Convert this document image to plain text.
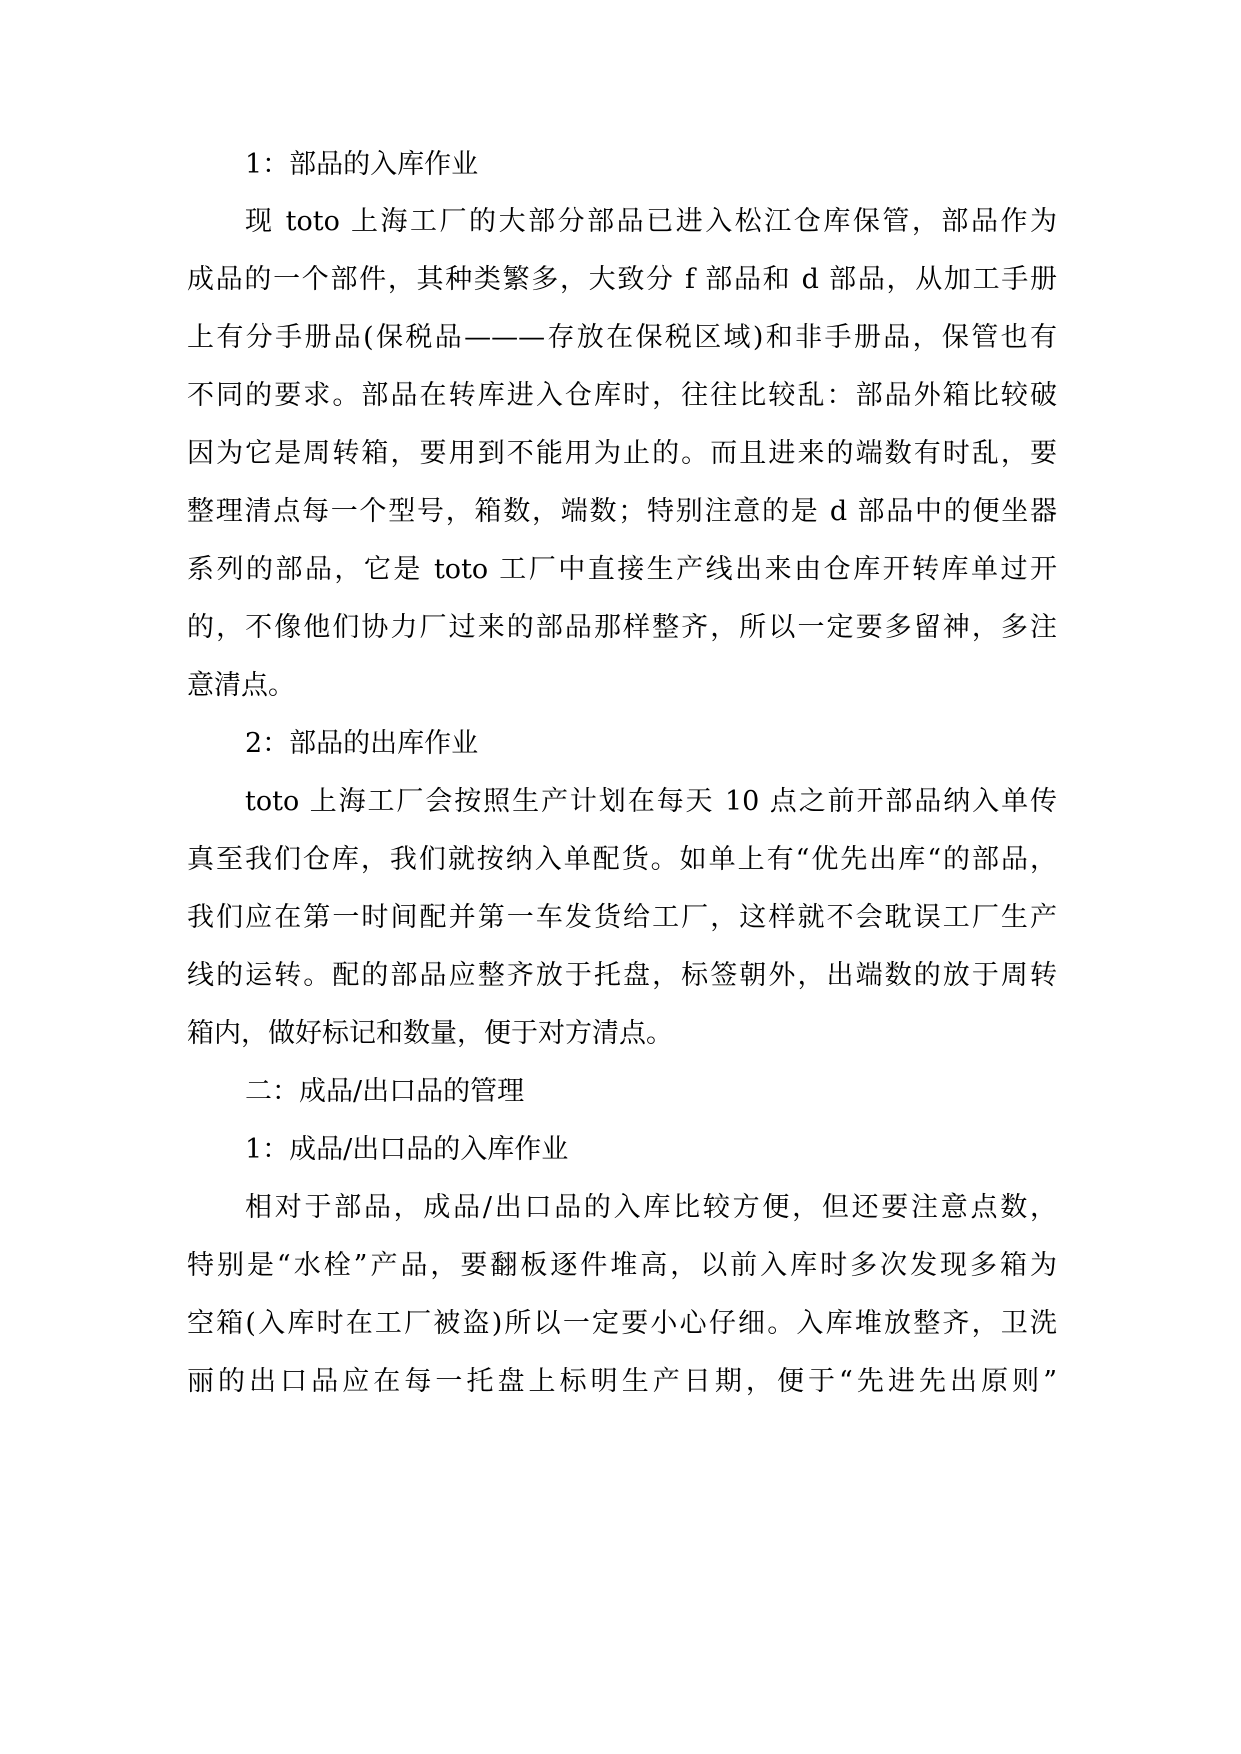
1：部品的入库作业
现 toto 上海工厂的大部分部品已进入松江仓库保管，部品作为
成品的一个部件，其种类繁多，大致分 f 部品和 d 部品，从加工手册
上有分手册品(保税品———存放在保税区域)和非手册品，保管也有
不同的要求。部品在转库进入仓库时，往往比较乱：部品外箱比较破
因为它是周转箱，要用到不能用为止的。而且进来的端数有时乱，要
整理清点每一个型号，箱数，端数；特别注意的是 d 部品中的便坐器
系列的部品，它是 toto 工厂中直接生产线出来由仓库开转库单过开
的，不像他们协力厂过来的部品那样整齐，所以一定要多留神，多注
意清点。
2：部品的出库作业
toto 上海工厂会按照生产计划在每天 10 点之前开部品纳入单传
真至我们仓库，我们就按纳入单配货。如单上有“优先出库“的部品，
我们应在第一时间配并第一车发货给工厂，这样就不会耽误工厂生产
线的运转。配的部品应整齐放于托盘，标签朝外，出端数的放于周转
箱内，做好标记和数量，便于对方清点。
二：成品/出口品的管理
1：成品/出口品的入库作业
相对于部品，成品/出口品的入库比较方便，但还要注意点数，
特别是“水栓”产品，要翻板逐件堆高，以前入库时多次发现多箱为
空箱(入库时在工厂被盗)所以一定要小心仔细。入库堆放整齐，卫洗
丽的出口品应在每一托盘上标明生产日期，便于“先进先出原则”
